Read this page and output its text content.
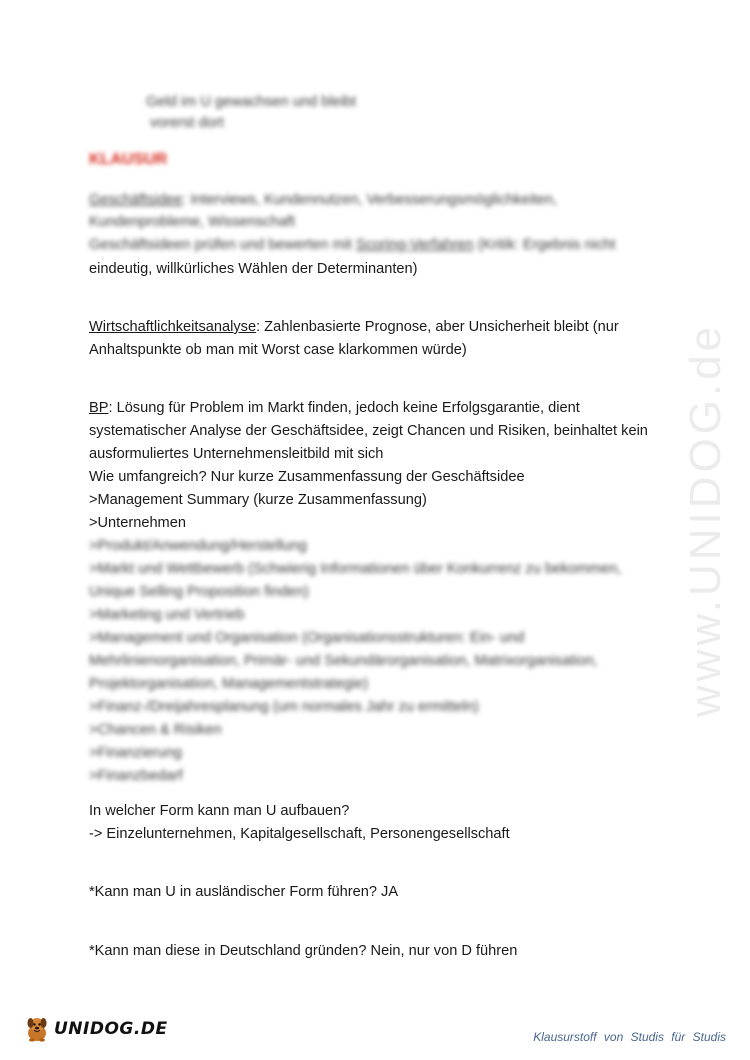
www.UNIDOG.de
Geld im U gewachsen und bleibt
vorerst dort
KLAUSUR
Geschäftsidee: Interviews, Kundennutzen, Verbesserungsmöglichkeiten,
Kundenprobleme, Wissenschaft
Geschäftsideen prüfen und bewerten mit Scoring-Verfahren (Kritik: Ergebnis nicht
eindeutig, willkürliches Wählen der Determinanten)
Wirtschaftlichkeitsanalyse: Zahlenbasierte Prognose, aber Unsicherheit bleibt (nur
Anhaltspunkte ob man mit Worst case klarkommen würde)
BP: Lösung für Problem im Markt finden, jedoch keine Erfolgsgarantie, dient
systematischer Analyse der Geschäftsidee, zeigt Chancen und Risiken, beinhaltet kein
ausformuliertes Unternehmensleitbild mit sich
Wie umfangreich? Nur kurze Zusammenfassung der Geschäftsidee
>Management Summary (kurze Zusammenfassung)
>Unternehmen
>Produkt/Anwendung/Herstellung
>Markt und Wettbewerb (Schwierig Informationen über Konkurrenz zu bekommen,
Unique Selling Proposition finden)
>Marketing und Vertrieb
>Management und Organisation (Organisationsstrukturen: Ein- und
Mehrlinienorganisation, Primär- und Sekundärorganisation, Matrixorganisation,
Projektorganisation, Managementstrategie)
>Finanz-/Dreijahresplanung (um normales Jahr zu ermitteln)
>Chancen & Risiken
>Finanzierung
>Finanzbedarf
In welcher Form kann man U aufbauen?
-> Einzelunternehmen, Kapitalgesellschaft, Personengesellschaft
*Kann man U in ausländischer Form führen? JA
*Kann man diese in Deutschland gründen? Nein, nur von D führen
UNIDOG.DE	Klausurstoff von Studis für Studis
